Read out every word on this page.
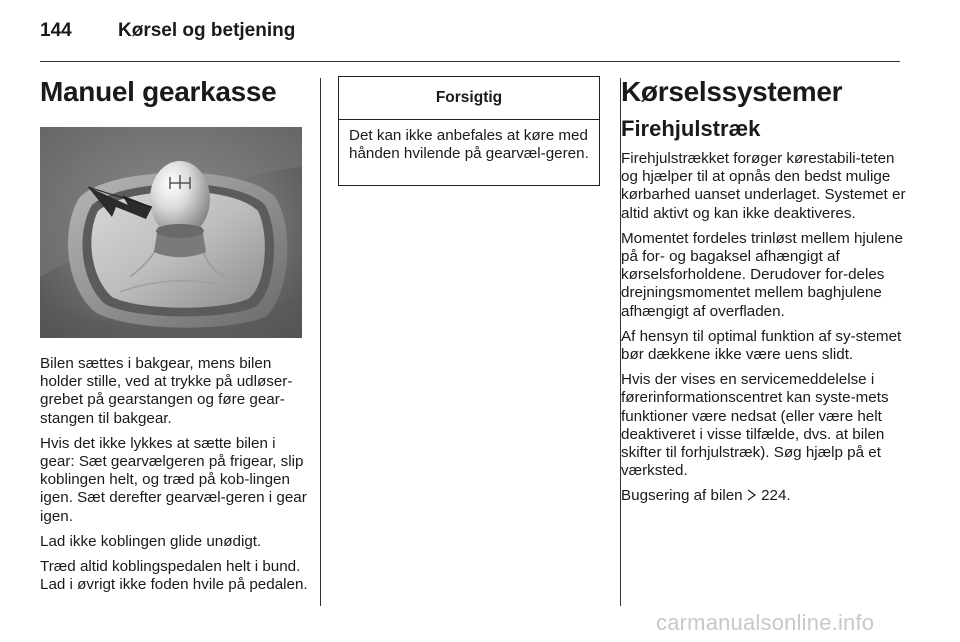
144 Kørsel og betjening
Manuel gearkasse

Bilen sættes i bakgear, mens bilen holder stille, ved at trykke på udløser-grebet på gearstangen og føre gear-stangen til bakgear.

Hvis det ikke lykkes at sætte bilen i gear: Sæt gearvælgeren på frigear, slip koblingen helt, og træd på kob-lingen igen. Sæt derefter gearvæl-geren i gear igen.

Lad ikke koblingen glide unødigt.

Træd altid koblingspedalen helt i bund. Lad i øvrigt ikke foden hvile på pedalen.

Forsigtig

Det kan ikke anbefales at køre med hånden hvilende på gearvæl-geren.

Kørselssystemer
Firehjulstræk

Firehjulstrækket forøger kørestabili-teten og hjælper til at opnås den bedst mulige kørbarhed uanset underlaget. Systemet er altid aktivt og kan ikke deaktiveres.

Momentet fordeles trinløst mellem hjulene på for- og bagaksel afhængigt af kørselsforholdene. Derudover for-deles drejningsmomentet mellem baghjulene afhængigt af overfladen.

Af hensyn til optimal funktion af sy-stemet bør dækkene ikke være uens slidt.

Hvis der vises en servicemeddelelse i førerinformationscentret kan syste-mets funktioner være nedsat (eller være helt deaktiveret i visse tilfælde, dvs. at bilen skifter til forhjulstræk). Søg hjælp på et værksted.

Bugsering af bilen 224.

carmanualsonline.info
